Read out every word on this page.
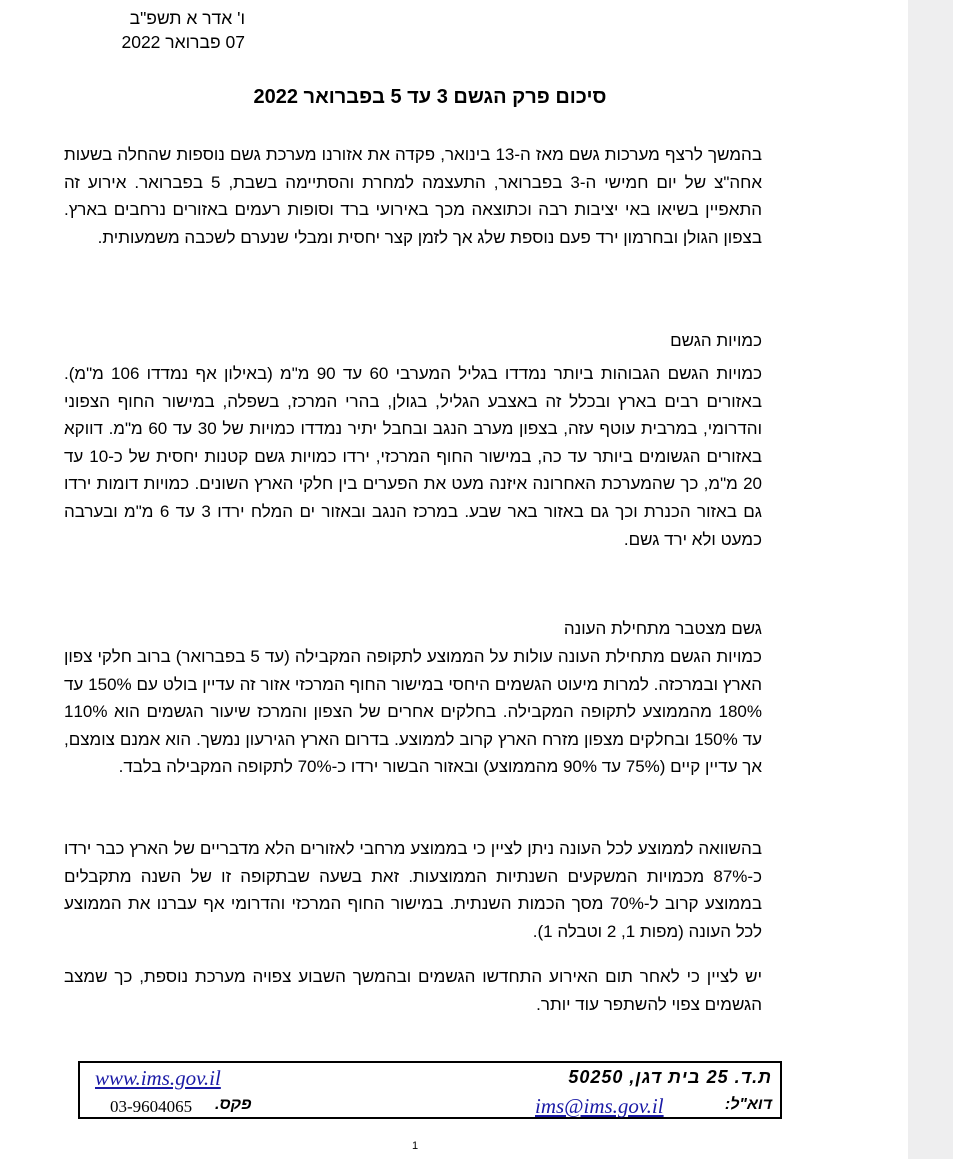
ו' אדר א תשפ"ב
07 פברואר 2022
סיכום פרק הגשם 3 עד 5 בפברואר 2022
בהמשך לרצף מערכות גשם מאז ה-13 בינואר, פקדה את אזורנו מערכת גשם נוספות שהחלה בשעות אחה"צ של יום חמישי ה-3 בפברואר, התעצמה למחרת והסתיימה בשבת, 5 בפברואר. אירוע זה התאפיין בשיאו באי יציבות רבה וכתוצאה מכך באירועי ברד וסופות רעמים באזורים נרחבים בארץ. בצפון הגולן ובחרמון ירד פעם נוספת שלג אך לזמן קצר יחסית ומבלי שנערם לשכבה משמעותית.
כמויות הגשם
כמויות הגשם הגבוהות ביותר נמדדו בגליל המערבי 60 עד 90 מ"מ (באילון אף נמדדו 106 מ"מ). באזורים רבים בארץ ובכלל זה באצבע הגליל, בגולן, בהרי המרכז, בשפלה, במישור החוף הצפוני והדרומי, במרבית עוטף עזה, בצפון מערב הנגב ובחבל יתיר נמדדו כמויות של 30 עד 60 מ"מ. דווקא באזורים הגשומים ביותר עד כה, במישור החוף המרכזי, ירדו כמויות גשם קטנות יחסית של כ-10 עד 20 מ"מ, כך שהמערכת האחרונה איזנה מעט את הפערים בין חלקי הארץ השונים. כמויות דומות ירדו גם באזור הכנרת וכך גם באזור באר שבע. במרכז הנגב ובאזור ים המלח ירדו 3 עד 6 מ"מ ובערבה כמעט ולא ירד גשם.
גשם מצטבר מתחילת העונה
כמויות הגשם מתחילת העונה עולות על הממוצע לתקופה המקבילה (עד 5 בפברואר) ברוב חלקי צפון הארץ ובמרכזה. למרות מיעוט הגשמים היחסי במישור החוף המרכזי אזור זה עדיין בולט עם 150% עד 180% מהממוצע לתקופה המקבילה. בחלקים אחרים של הצפון והמרכז שיעור הגשמים הוא 110% עד 150% ובחלקים מצפון מזרח הארץ קרוב לממוצע. בדרום הארץ הגירעון נמשך. הוא אמנם צומצם, אך עדיין קיים (75% עד 90% מהממוצע) ובאזור הבשור ירדו כ-70% לתקופה המקבילה בלבד.
בהשוואה לממוצע לכל העונה ניתן לציין כי בממוצע מרחבי לאזורים הלא מדבריים של הארץ כבר ירדו כ-87% מכמויות המשקעים השנתיות הממוצעות. זאת בשעה שבתקופה זו של השנה מתקבלים בממוצע קרוב ל-70% מסך הכמות השנתית. במישור החוף המרכזי והדרומי אף עברנו את הממוצע לכל העונה (מפות 1, 2 וטבלה 1).
יש לציין כי לאחר תום האירוע התחדשו הגשמים ובהמשך השבוע צפויה מערכת נוספת, כך שמצב הגשמים צפוי להשתפר עוד יותר.
www.ims.gov.il	ת.ד. 25 בית דגן, 50250
03-9604065 פקס.	ims@ims.gov.il	דוא"ל:
1
